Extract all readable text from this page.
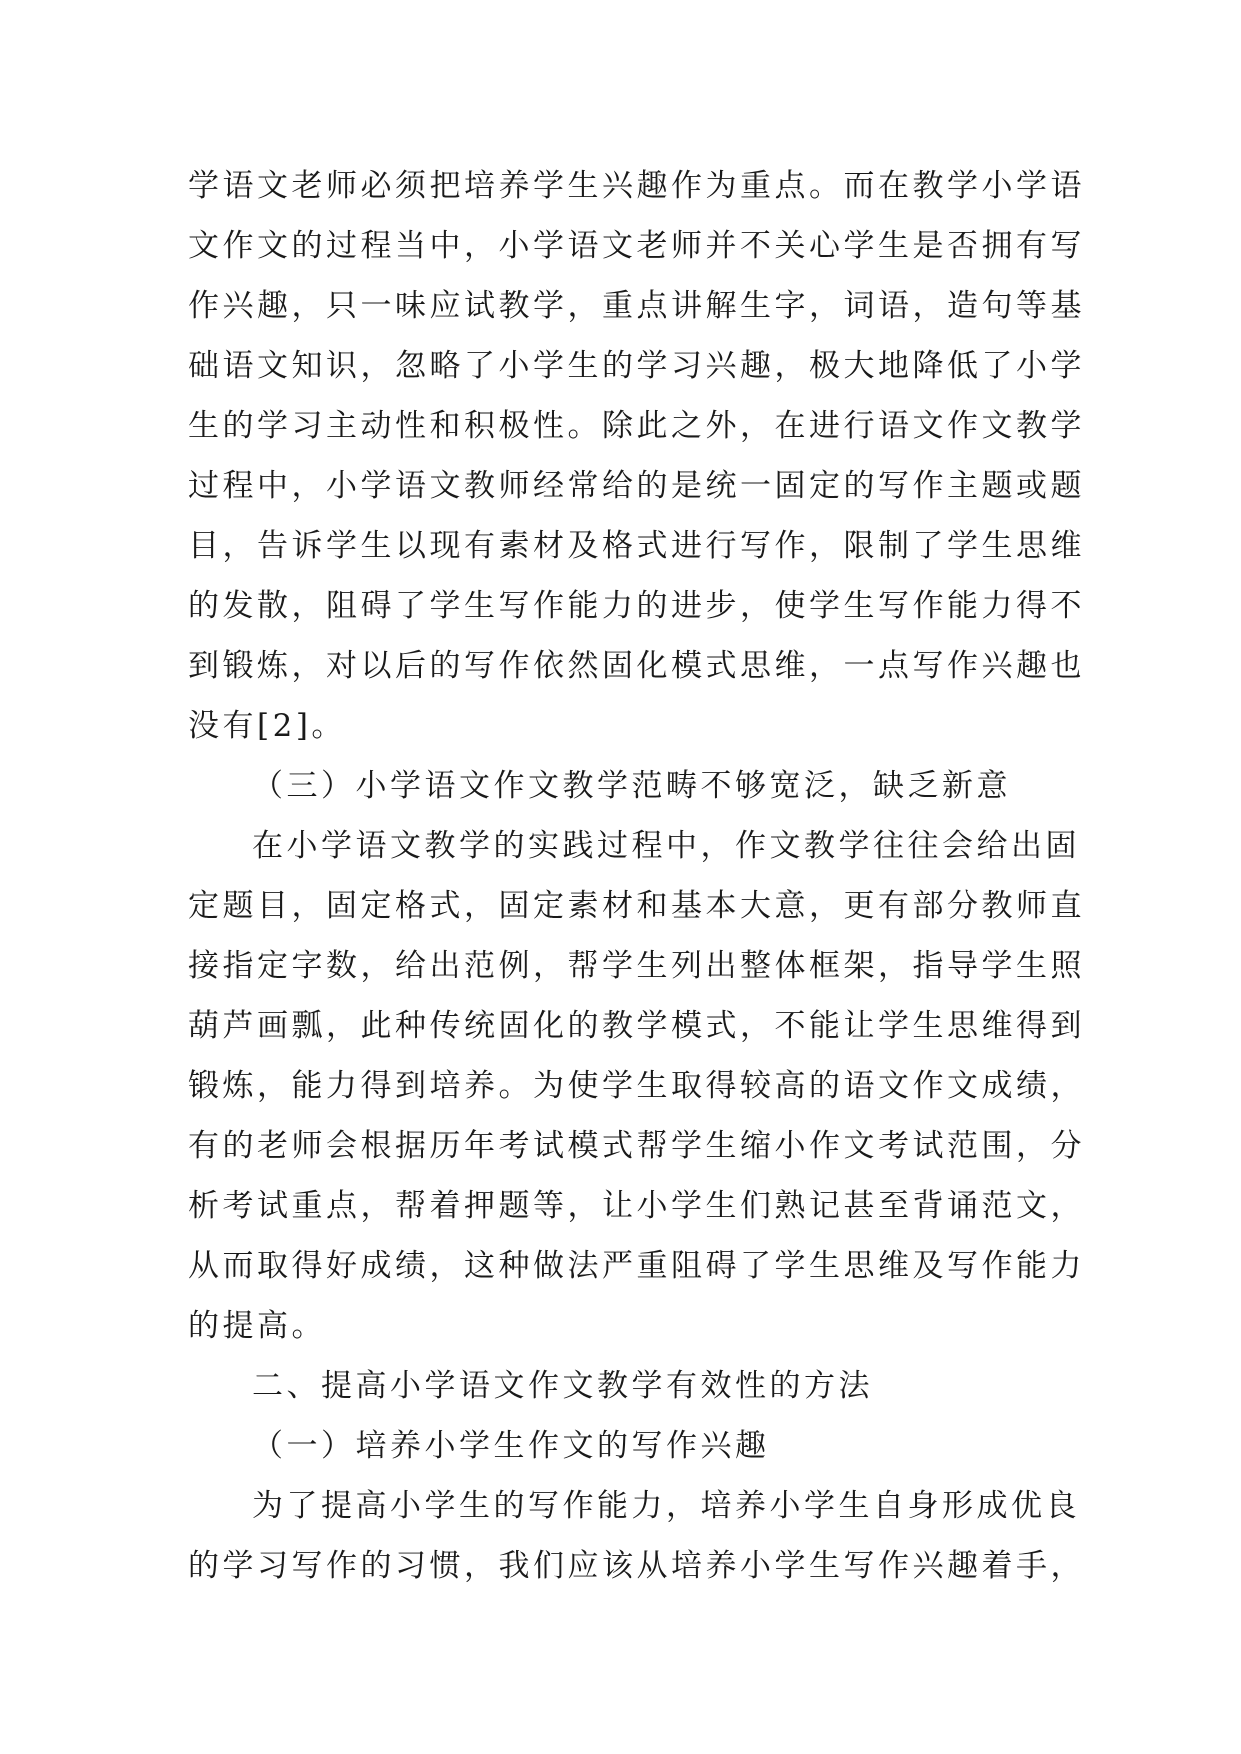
学语文老师必须把培养学生兴趣作为重点。而在教学小学语
文作文的过程当中，小学语文老师并不关心学生是否拥有写
作兴趣，只一味应试教学，重点讲解生字，词语，造句等基
础语文知识，忽略了小学生的学习兴趣，极大地降低了小学
生的学习主动性和积极性。除此之外，在进行语文作文教学
过程中，小学语文教师经常给的是统一固定的写作主题或题
目，告诉学生以现有素材及格式进行写作，限制了学生思维
的发散，阻碍了学生写作能力的进步，使学生写作能力得不
到锻炼，对以后的写作依然固化模式思维，一点写作兴趣也
没有[2]。
（三）小学语文作文教学范畴不够宽泛，缺乏新意
在小学语文教学的实践过程中，作文教学往往会给出固
定题目，固定格式，固定素材和基本大意，更有部分教师直
接指定字数，给出范例，帮学生列出整体框架，指导学生照
葫芦画瓢，此种传统固化的教学模式，不能让学生思维得到
锻炼，能力得到培养。为使学生取得较高的语文作文成绩，
有的老师会根据历年考试模式帮学生缩小作文考试范围，分
析考试重点，帮着押题等，让小学生们熟记甚至背诵范文，
从而取得好成绩，这种做法严重阻碍了学生思维及写作能力
的提高。
二、提高小学语文作文教学有效性的方法
（一）培养小学生作文的写作兴趣
为了提高小学生的写作能力，培养小学生自身形成优良
的学习写作的习惯，我们应该从培养小学生写作兴趣着手，
